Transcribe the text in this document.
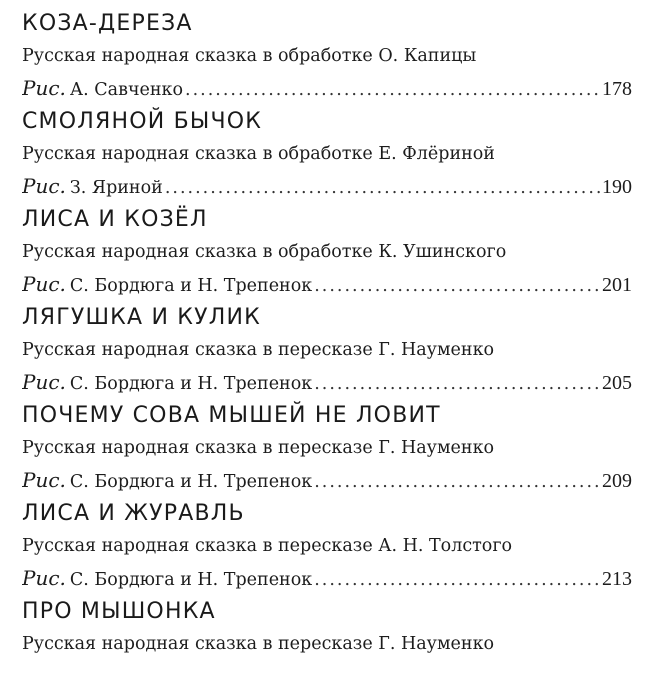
КОЗА-ДЕРЕЗА
Русская народная сказка в обработке О. Капицы
Рис. А. Савченко .....	178
СМОЛЯНОЙ БЫЧОК
Русская народная сказка в обработке Е. Флёриной
Рис. З. Яриной .....	190
ЛИСА И КОЗЁЛ
Русская народная сказка в обработке К. Ушинского
Рис. С. Бордюга и Н. Трепенок .....	201
ЛЯГУШКА И КУЛИК
Русская народная сказка в пересказе Г. Науменко
Рис. С. Бордюга и Н. Трепенок .....	205
ПОЧЕМУ СОВА МЫШЕЙ НЕ ЛОВИТ
Русская народная сказка в пересказе Г. Науменко
Рис. С. Бордюга и Н. Трепенок .....	209
ЛИСА И ЖУРАВЛЬ
Русская народная сказка в пересказе А. Н. Толстого
Рис. С. Бордюга и Н. Трепенок .....	213
ПРО МЫШОНКА
Русская народная сказка в пересказе Г. Науменко
